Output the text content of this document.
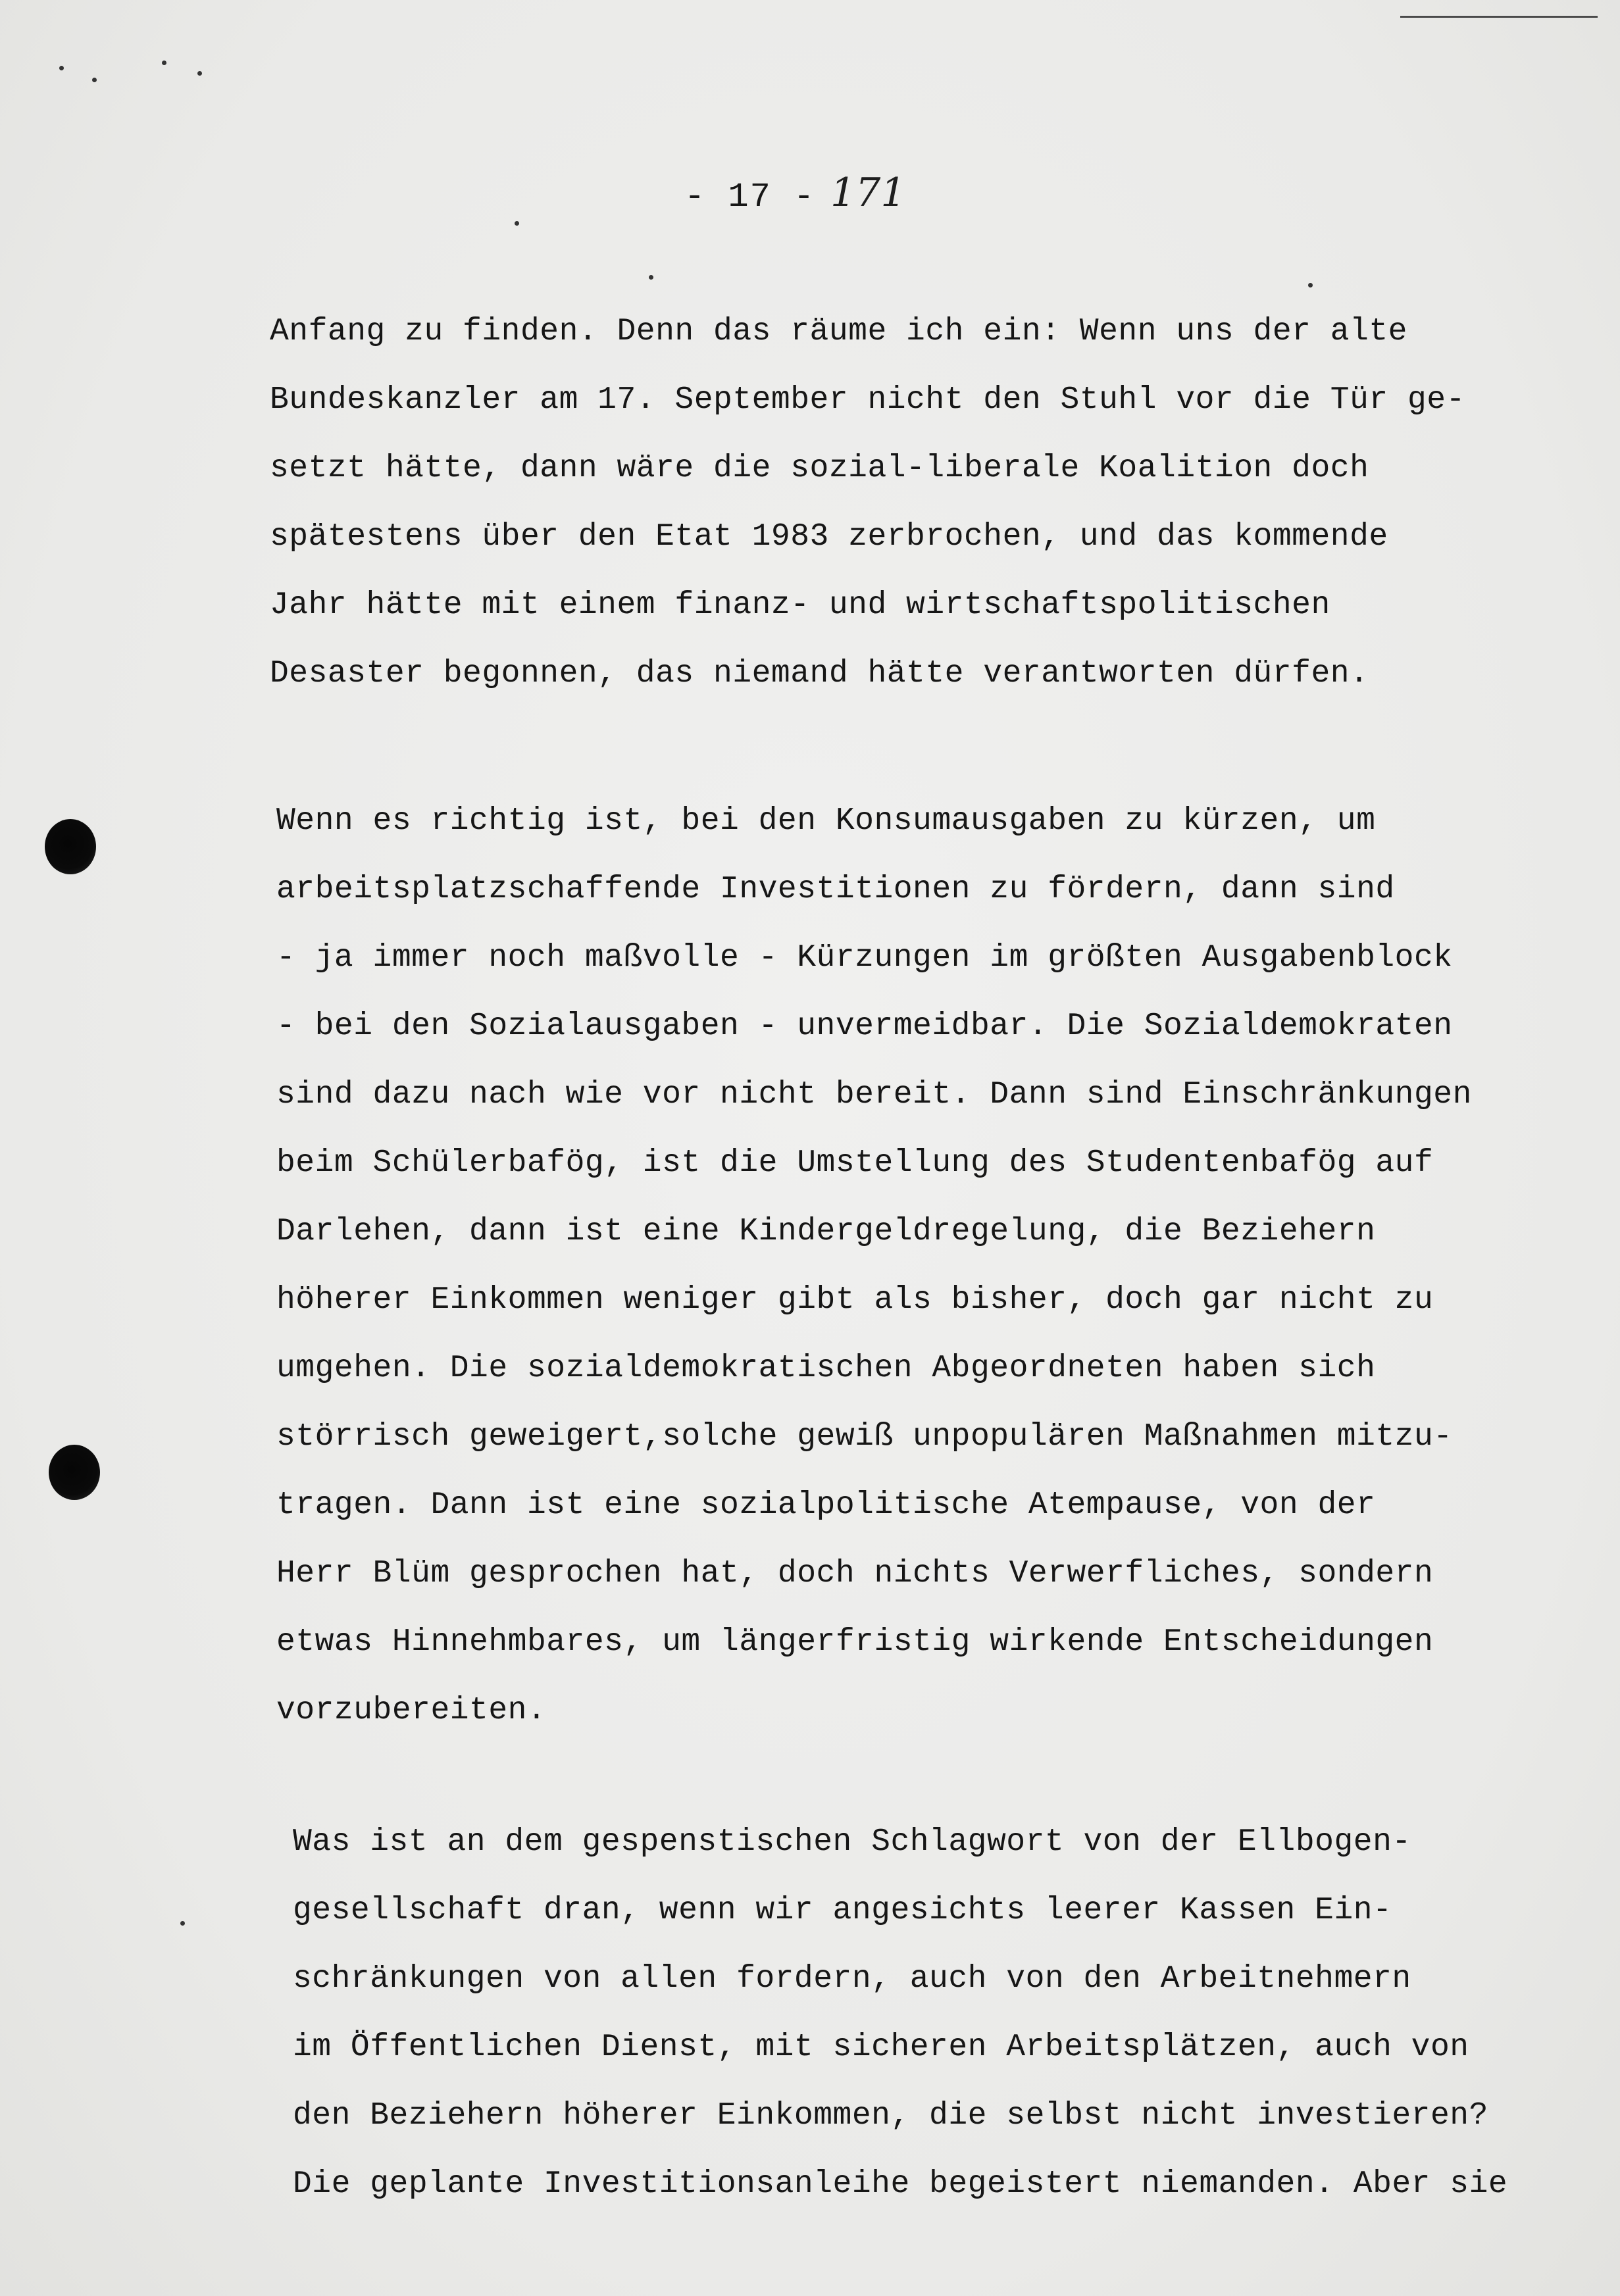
- 17 - 171
Anfang zu finden. Denn das räume ich ein: Wenn uns der alte
Bundeskanzler am 17. September nicht den Stuhl vor die Tür ge-
setzt hätte, dann wäre die sozial-liberale Koalition doch
spätestens über den Etat 1983 zerbrochen, und das kommende
Jahr hätte mit einem finanz- und wirtschaftspolitischen
Desaster begonnen, das niemand hätte verantworten dürfen.
Wenn es richtig ist, bei den Konsumausgaben zu kürzen, um
arbeitsplatzschaffende Investitionen zu fördern, dann sind
- ja immer noch maßvolle - Kürzungen im größten Ausgabenblock
- bei den Sozialausgaben - unvermeidbar. Die Sozialdemokraten
sind dazu nach wie vor nicht bereit. Dann sind Einschränkungen
beim Schülerbafög, ist die Umstellung des Studentenbafög auf
Darlehen, dann ist eine Kindergeldregelung, die Beziehern
höherer Einkommen weniger gibt als bisher, doch gar nicht zu
umgehen. Die sozialdemokratischen Abgeordneten haben sich
störrisch geweigert,solche gewiß unpopulären Maßnahmen mitzu-
tragen. Dann ist eine sozialpolitische Atempause, von der
Herr Blüm gesprochen hat, doch nichts Verwerfliches, sondern
etwas Hinnehmbares, um längerfristig wirkende Entscheidungen
vorzubereiten.
Was ist an dem gespenstischen Schlagwort von der Ellbogen-
gesellschaft dran, wenn wir angesichts leerer Kassen Ein-
schränkungen von allen fordern, auch von den Arbeitnehmern
im Öffentlichen Dienst, mit sicheren Arbeitsplätzen, auch von
den Beziehern höherer Einkommen, die selbst nicht investieren?
Die geplante Investitionsanleihe begeistert niemanden. Aber sie
